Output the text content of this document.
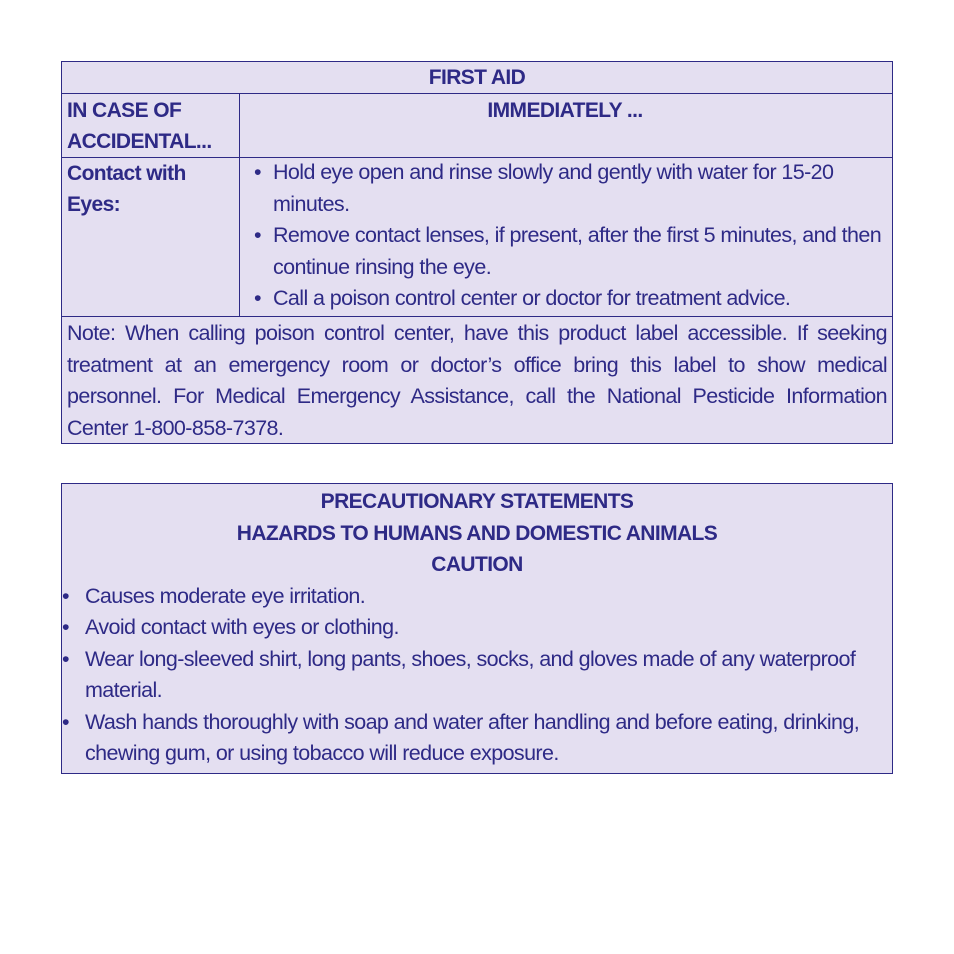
FIRST AID
IN CASE OF
ACCIDENTAL...
IMMEDIATELY ...
Contact with
Eyes:
• Hold eye open and rinse slowly and gently with water for 15-20 minutes.
• Remove contact lenses, if present, after the first 5 minutes, and then continue rinsing the eye.
• Call a poison control center or doctor for treatment advice.
Note: When calling poison control center, have this product label accessible. If seeking treatment at an emergency room or doctor’s office bring this label to show medical personnel. For Medical Emergency Assistance, call the National Pesticide Information Center 1-800-858-7378.
PRECAUTIONARY STATEMENTS
HAZARDS TO HUMANS AND DOMESTIC ANIMALS
CAUTION
• Causes moderate eye irritation.
• Avoid contact with eyes or clothing.
• Wear long-sleeved shirt, long pants, shoes, socks, and gloves made of any waterproof material.
• Wash hands thoroughly with soap and water after handling and before eating, drinking, chewing gum, or using tobacco will reduce exposure.
